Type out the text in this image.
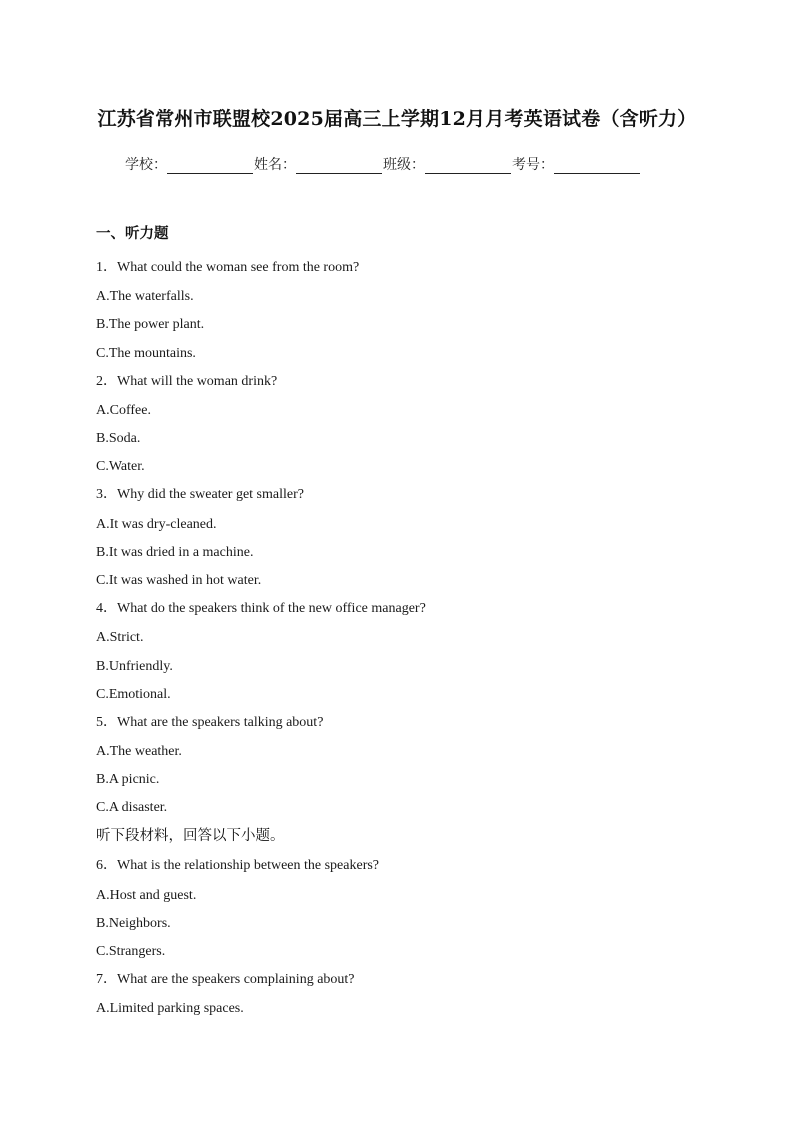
江苏省常州市联盟校2025届高三上学期12月月考英语试卷（含听力）
学校：	姓名：	班级：	考号：
一、听力题
1．What could the woman see from the room?
A.The waterfalls.
B.The power plant.
C.The mountains.
2．What will the woman drink?
A.Coffee.
B.Soda.
C.Water.
3．Why did the sweater get smaller?
A.It was dry-cleaned.
B.It was dried in a machine.
C.It was washed in hot water.
4．What do the speakers think of the new office manager?
A.Strict.
B.Unfriendly.
C.Emotional.
5．What are the speakers talking about?
A.The weather.
B.A picnic.
C.A disaster.
听下段材料，回答以下小题。
6．What is the relationship between the speakers?
A.Host and guest.
B.Neighbors.
C.Strangers.
7．What are the speakers complaining about?
A.Limited parking spaces.
